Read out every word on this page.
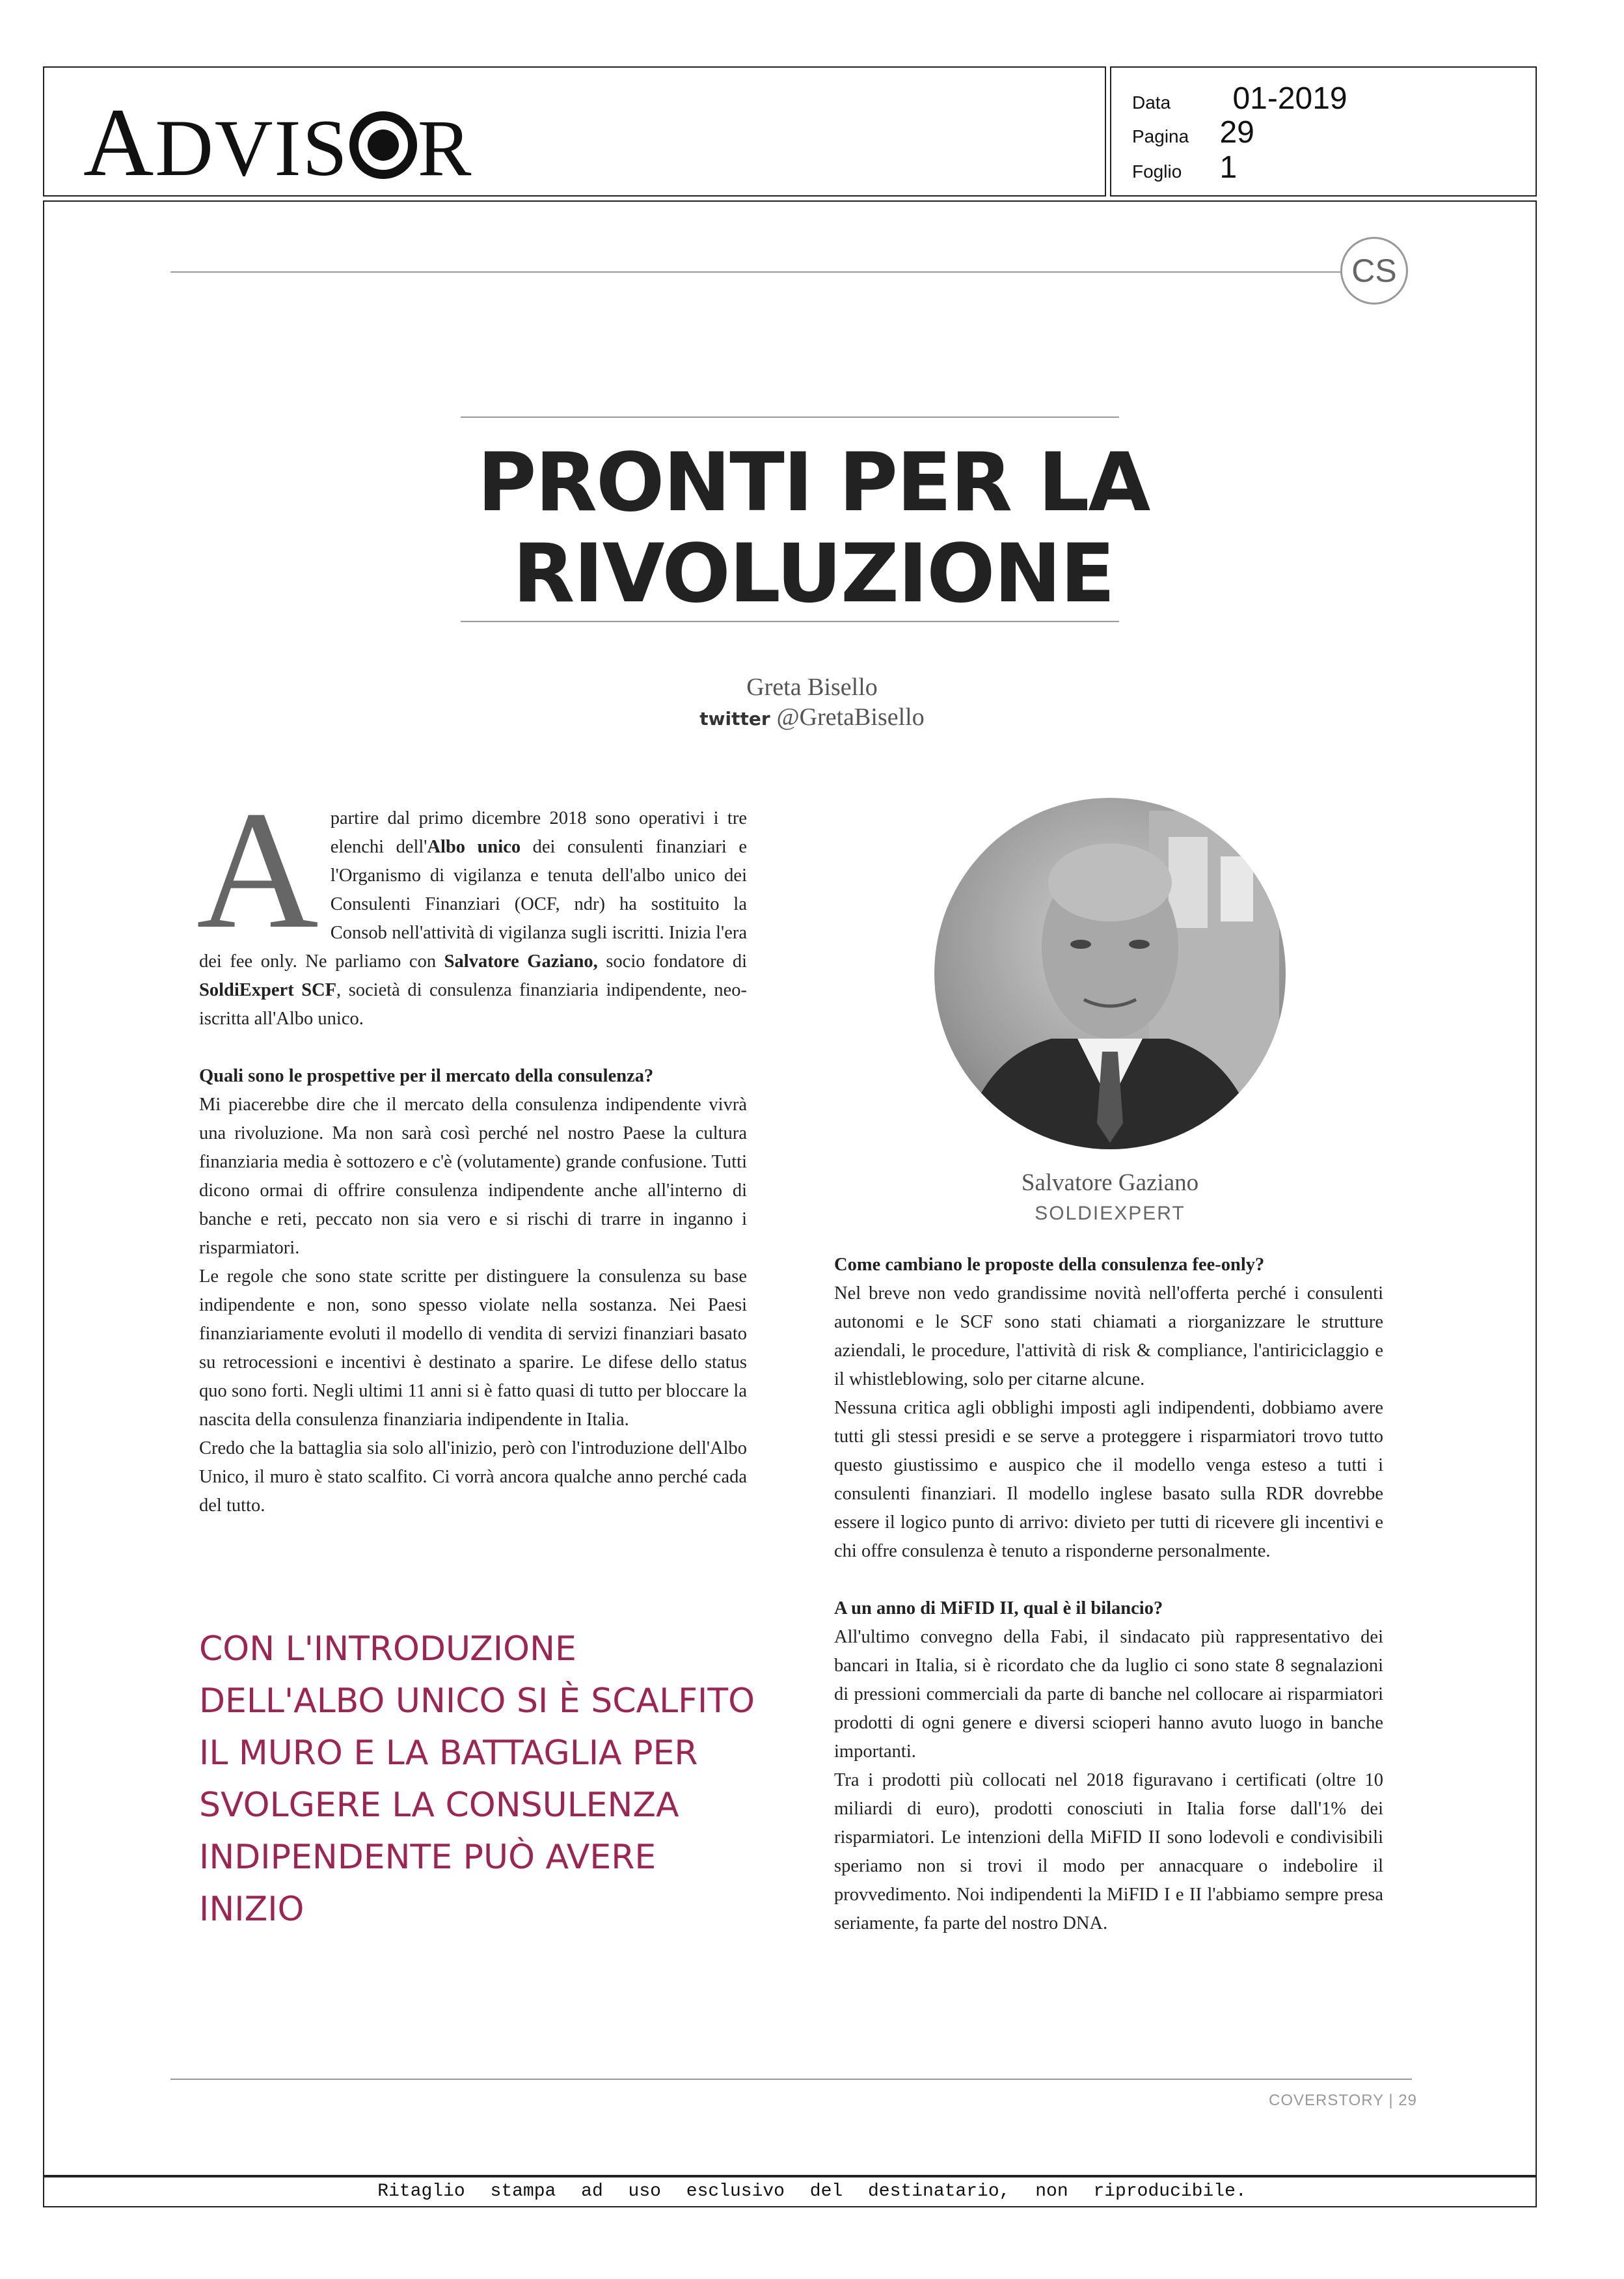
ADVIS R
Data 01-2019
Pagina 29
Foglio 1
CS
PRONTI PER LA
RIVOLUZIONE
Greta Bisello
twitter @GretaBisello

A partire dal primo dicembre 2018 sono operativi i tre elenchi dell'Albo unico dei consulenti finanziari e l'Organismo di vigilanza e tenuta dell'albo unico dei Consulenti Finanziari (OCF, ndr) ha sostituito la Consob nell'attività di vigilanza sugli iscritti. Inizia l'era dei fee only. Ne parliamo con Salvatore Gaziano, socio fondatore di SoldiExpert SCF, società di consulenza finanziaria indipendente, neo-iscritta all'Albo unico.

Quali sono le prospettive per il mercato della consulenza?

Mi piacerebbe dire che il mercato della consulenza indipendente vivrà una rivoluzione. Ma non sarà così perché nel nostro Paese la cultura finanziaria media è sottozero e c'è (volutamente) grande confusione. Tutti dicono ormai di offrire consulenza indipendente anche all'interno di banche e reti, peccato non sia vero e si rischi di trarre in inganno i risparmiatori.

Le regole che sono state scritte per distinguere la consulenza su base indipendente e non, sono spesso violate nella sostanza. Nei Paesi finanziariamente evoluti il modello di vendita di servizi finanziari basato su retrocessioni e incentivi è destinato a sparire. Le difese dello status quo sono forti. Negli ultimi 11 anni si è fatto quasi di tutto per bloccare la nascita della consulenza finanziaria indipendente in Italia.

Credo che la battaglia sia solo all'inizio, però con l'introduzione dell'Albo Unico, il muro è stato scalfito. Ci vorrà ancora qualche anno perché cada del tutto.

CON L'INTRODUZIONE DELL'ALBO UNICO SI È SCALFITO IL MURO E LA BATTAGLIA PER SVOLGERE LA CONSULENZA INDIPENDENTE PUÒ AVERE INIZIO
Salvatore Gaziano
SOLDIEXPERT

Come cambiano le proposte della consulenza fee-only?

Nel breve non vedo grandissime novità nell'offerta perché i consulenti autonomi e le SCF sono stati chiamati a riorganizzare le strutture aziendali, le procedure, l'attività di risk & compliance, l'antiriciclaggio e il whistleblowing, solo per citarne alcune.

Nessuna critica agli obblighi imposti agli indipendenti, dobbiamo avere tutti gli stessi presidi e se serve a proteggere i risparmiatori trovo tutto questo giustissimo e auspico che il modello venga esteso a tutti i consulenti finanziari. Il modello inglese basato sulla RDR dovrebbe essere il logico punto di arrivo: divieto per tutti di ricevere gli incentivi e chi offre consulenza è tenuto a risponderne personalmente.

A un anno di MiFID II, qual è il bilancio?

All'ultimo convegno della Fabi, il sindacato più rappresentativo dei bancari in Italia, si è ricordato che da luglio ci sono state 8 segnalazioni di pressioni commerciali da parte di banche nel collocare ai risparmiatori prodotti di ogni genere e diversi scioperi hanno avuto luogo in banche importanti.

Tra i prodotti più collocati nel 2018 figuravano i certificati (oltre 10 miliardi di euro), prodotti conosciuti in Italia forse dall'1% dei risparmiatori. Le intenzioni della MiFID II sono lodevoli e condivisibili speriamo non si trovi il modo per annacquare o indebolire il provvedimento. Noi indipendenti la MiFID I e II l'abbiamo sempre presa seriamente, fa parte del nostro DNA.

COVERSTORY | 29
Ritaglio stampa ad uso esclusivo del destinatario, non riproducibile.
